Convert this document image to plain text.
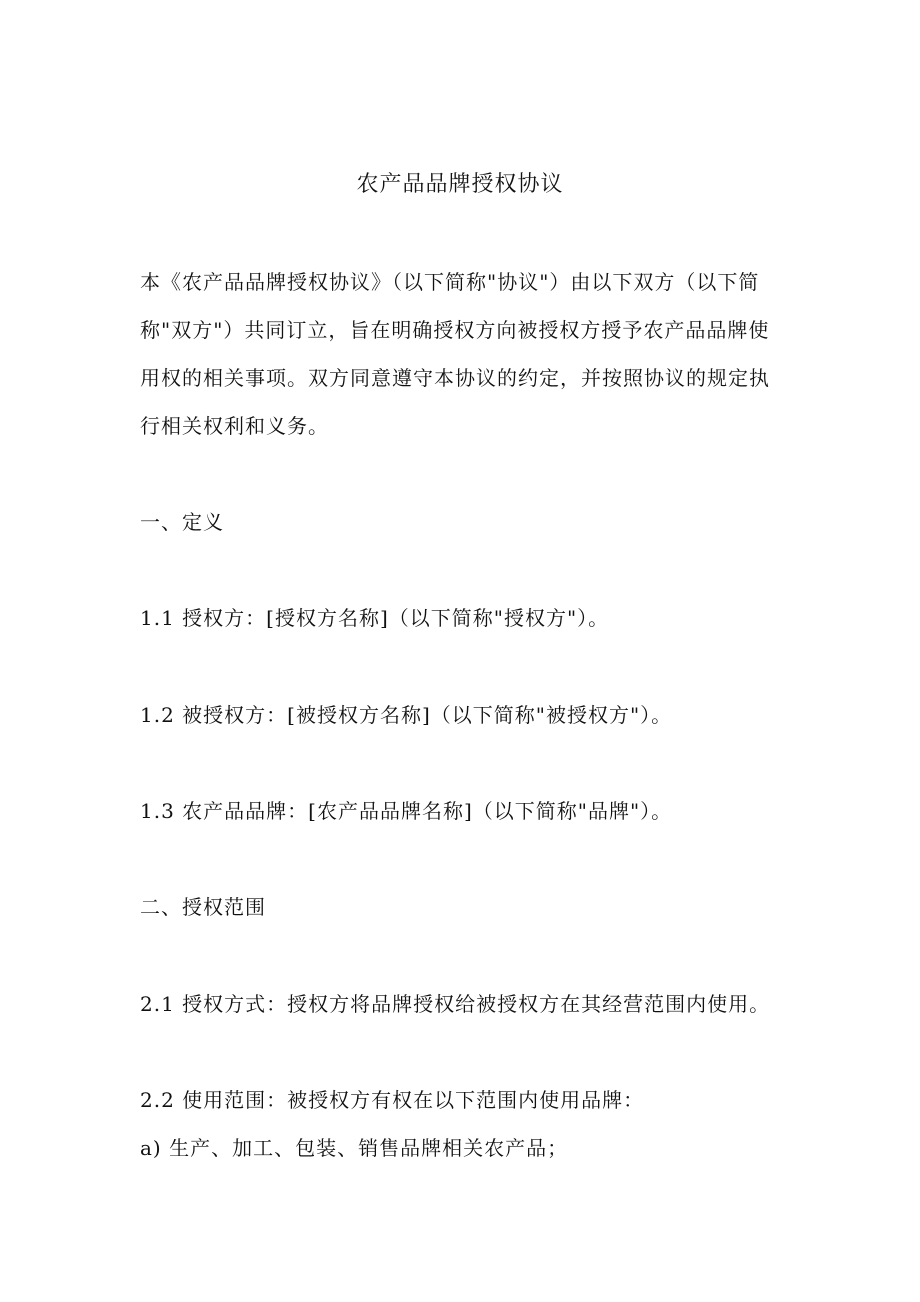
农产品品牌授权协议
本《农产品品牌授权协议》（以下简称"协议"）由以下双方（以下简
称"双方"）共同订立，旨在明确授权方向被授权方授予农产品品牌使
用权的相关事项。双方同意遵守本协议的约定，并按照协议的规定执
行相关权利和义务。
一、定义
1.1 授权方：[授权方名称]（以下简称"授权方"）。
1.2 被授权方：[被授权方名称]（以下简称"被授权方"）。
1.3 农产品品牌：[农产品品牌名称]（以下简称"品牌"）。
二、授权范围
2.1 授权方式：授权方将品牌授权给被授权方在其经营范围内使用。
2.2 使用范围：被授权方有权在以下范围内使用品牌：
a) 生产、加工、包装、销售品牌相关农产品；
